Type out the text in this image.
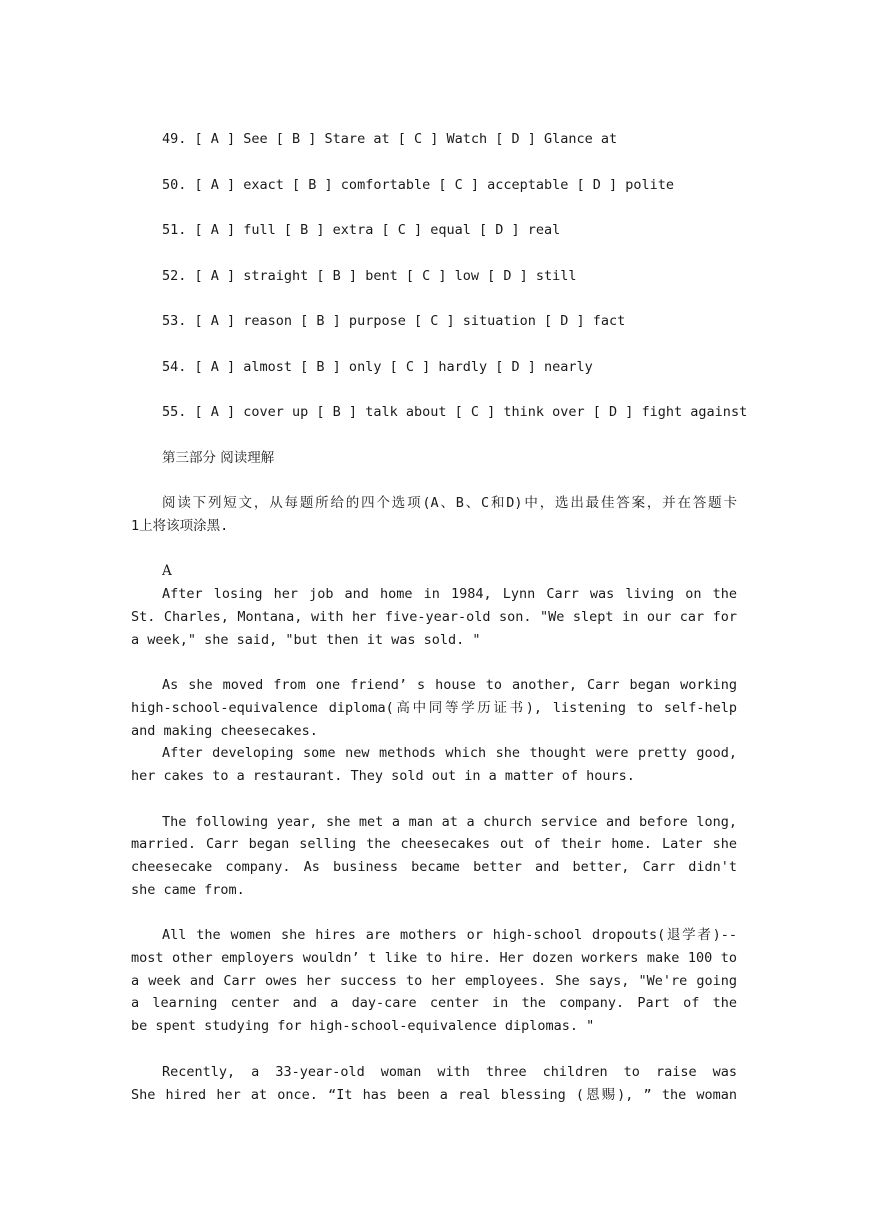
49. [ A ] See [ B ] Stare at [ C ] Watch [ D ] Glance at
50. [ A ] exact [ B ] comfortable [ C ] acceptable [ D ] polite
51. [ A ] full [ B ] extra [ C ] equal [ D ] real
52. [ A ] straight [ B ] bent [ C ] low [ D ] still
53. [ A ] reason [ B ] purpose [ C ] situation [ D ] fact
54. [ A ] almost [ B ] only [ C ] hardly [ D ] nearly
55. [ A ] cover up [ B ] talk about [ C ] think over [ D ] fight against
第三部分 阅读理解
阅读下列短文，从每题所给的四个选项(A、B、C和D)中，选出最佳答案，并在答题卡
1上将该项涂黑.
A
After losing her job and home in 1984, Lynn Carr was living on the
St. Charles, Montana, with her five-year-old son. "We slept in our car for
a week," she said, "but then it was sold. "
As she moved from one friend’ s house to another, Carr began working
high-school-equivalence diploma(高中同等学历证书), listening to self-help
and making cheesecakes.
After developing some new methods which she thought were pretty good,
her cakes to a restaurant. They sold out in a matter of hours.
The following year, she met a man at a church service and before long,
married. Carr began selling the cheesecakes out of their home. Later she
cheesecake company. As business became better and better, Carr didn't
she came from.
All the women she hires are mothers or high-school dropouts(退学者)--
most other employers wouldn’ t like to hire. Her dozen workers make 100 to
a week and Carr owes her success to her employees. She says, "We're going
a learning center and a day-care center in the company. Part of the
be spent studying for high-school-equivalence diplomas. "
Recently, a 33-year-old woman with three children to raise was
She hired her at once. “It has been a real blessing (恩赐), ” the woman
